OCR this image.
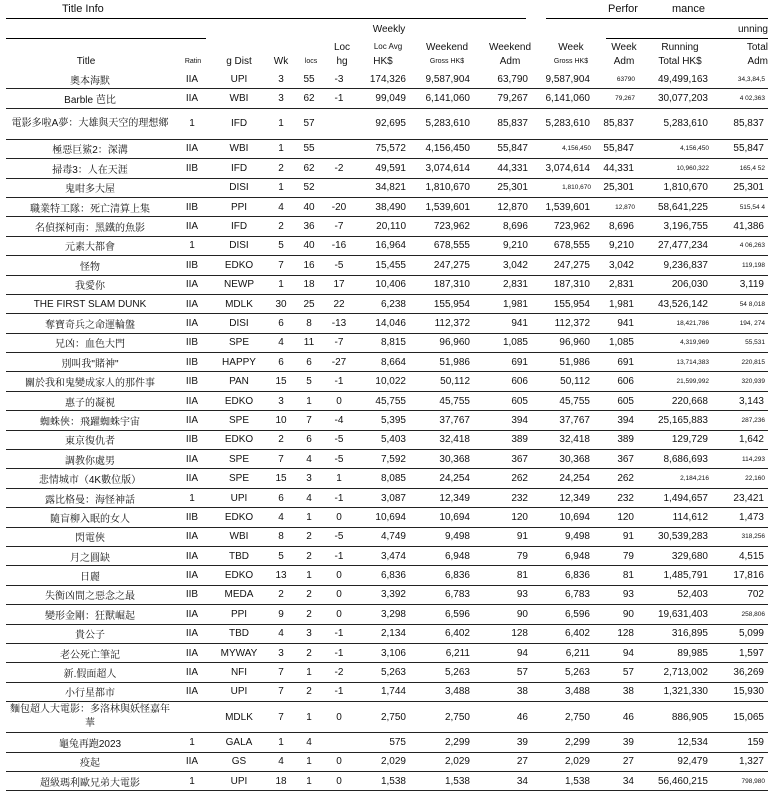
Title Info	Perfor	mance
Weekly	unning
Loc	Loc Avg	Weekend	Weekend	Week	Week	Running	Total
Title	Ratin	g Dist	Wk	locs	hg	HK$	Gross HK$	Adm	Gross HK$	Adm	Total HK$	Adm
奧本海默	IIA	UPI	3	55	-3	174,326	9,587,904	63,790	9,587,904	63790	49,499,163	34,3,84,5
Barble 芭比	IIA	WBI	3	62	-1	99,049	6,141,060	79,267	6,141,060	79,267	30,077,203	4 02,363
電影多啦A夢：大雄與天空的理想鄉	1	IFD	1	57		92,695	5,283,610	85,837	5,283,610	85,837	5,283,610	85,837
極惡巨鯊2：深溝	IIA	WBI	1	55		75,572	4,156,450	55,847	4,156,450	55,847	4,156,450	55,847
掃毒3：人在天涯	IIB	IFD	2	62	-2	49,591	3,074,614	44,331	3,074,614	44,331	10,960,322	165,4 52
鬼咁多大屋		DISI	1	52		34,821	1,810,670	25,301	1,810,670	25,301	1,810,670	25,301
職業特工隊：死亡清算上集	IIB	PPI	4	40	-20	38,490	1,539,601	12,870	1,539,601	12,870	58,641,225	515,54 4
名偵探柯南：黑鐵的魚影	IIA	IFD	2	36	-7	20,110	723,962	8,696	723,962	8,696	3,196,755	41,386
元素大都會	1	DISI	5	40	-16	16,964	678,555	9,210	678,555	9,210	27,477,234	4 06,263
怪物	IIB	EDKO	7	16	-5	15,455	247,275	3,042	247,275	3,042	9,236,837	119,198
我愛你	IIA	NEWP	1	18	17	10,406	187,310	2,831	187,310	2,831	206,030	3,119
THE FIRST SLAM DUNK	IIA	MDLK	30	25	22	6,238	155,954	1,981	155,954	1,981	43,526,142	54 8,018
奪寶奇兵之命運輪盤	IIA	DISI	6	8	-13	14,046	112,372	941	112,372	941	18,421,786	194, 274
兄凶：血色大門	IIB	SPE	4	11	-7	8,815	96,960	1,085	96,960	1,085	4,319,969	55,531
別叫我"賭神"	IIB	HAPPY	6	6	-27	8,664	51,986	691	51,986	691	13,714,383	220,815
關於我和鬼變成家人的那件事	IIB	PAN	15	5	-1	10,022	50,112	606	50,112	606	21,599,992	320,939
惠子的凝視	IIA	EDKO	3	1	0	45,755	45,755	605	45,755	605	220,668	3,143
蜘蛛俠：飛躍蜘蛛宇宙	IIA	SPE	10	7	-4	5,395	37,767	394	37,767	394	25,165,883	287,236
東京復仇者	IIB	EDKO	2	6	-5	5,403	32,418	389	32,418	389	129,729	1,642
調教你處男	IIA	SPE	7	4	-5	7,592	30,368	367	30,368	367	8,686,693	114,293
悲情城市（4K數位版）	IIA	SPE	15	3	1	8,085	24,254	262	24,254	262	2,184,216	22,160
露比格曼：海怪神話	1	UPI	6	4	-1	3,087	12,349	232	12,349	232	1,494,657	23,421
隨盲柳入眠的女人	IIB	EDKO	4	1	0	10,694	10,694	120	10,694	120	114,612	1,473
閃電俠	IIA	WBI	8	2	-5	4,749	9,498	91	9,498	91	30,539,283	318,256
月之圓缺	IIA	TBD	5	2	-1	3,474	6,948	79	6,948	79	329,680	4,515
日麗	IIA	EDKO	13	1	0	6,836	6,836	81	6,836	81	1,485,791	17,816
失衡凶間之惡念之最	IIB	MEDA	2	2	0	3,392	6,783	93	6,783	93	52,403	702
變形金剛：狂獸崛起	IIA	PPI	9	2	0	3,298	6,596	90	6,596	90	19,631,403	258,806
貴公子	IIA	TBD	4	3	-1	2,134	6,402	128	6,402	128	316,895	5,099
老公死亡筆記	IIA	MYWAY	3	2	-1	3,106	6,211	94	6,211	94	89,985	1,597
新.假面超人	IIA	NFI	7	1	-2	5,263	5,263	57	5,263	57	2,713,002	36,269
小行星都市	IIA	UPI	7	2	-1	1,744	3,488	38	3,488	38	1,321,330	15,930
麵包超人大電影：多洛林與妖怪嘉年華		MDLK	7	1	0	2,750	2,750	46	2,750	46	886,905	15,065
龜兔再跑2023	1	GALA	1	4		575	2,299	39	2,299	39	12,534	159
疫起	IIA	GS	4	1	0	2,029	2,029	27	2,029	27	92,479	1,327
超級瑪利歐兄弟大電影	1	UPI	18	1	0	1,538	1,538	34	1,538	34	56,460,215	798,980
